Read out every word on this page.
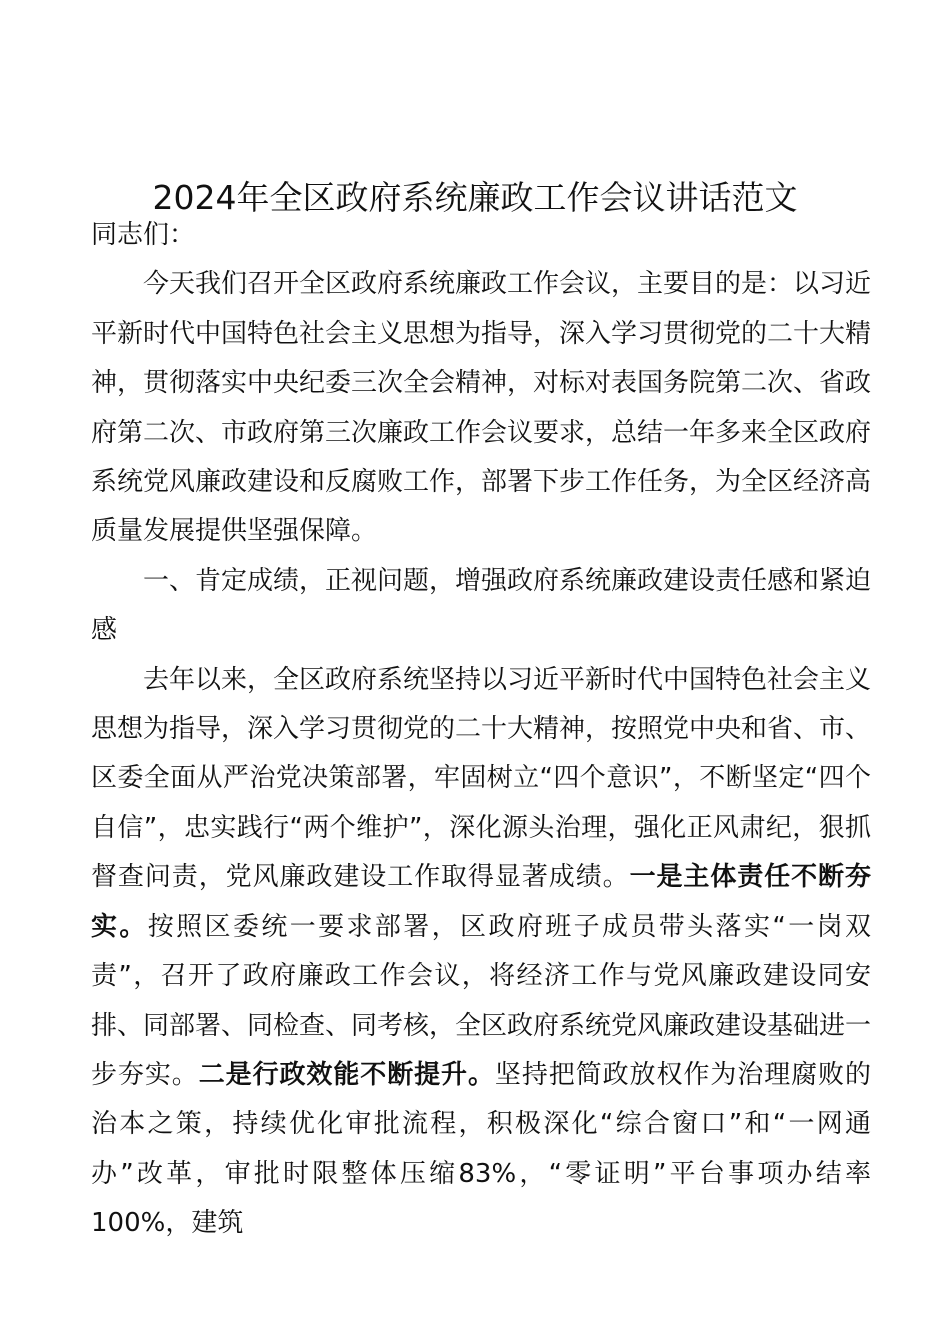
2024年全区政府系统廉政工作会议讲话范文

同志们：

今天我们召开全区政府系统廉政工作会议，主要目的是：以习近平新时代中国特色社会主义思想为指导，深入学习贯彻党的二十大精神，贯彻落实中央纪委三次全会精神，对标对表国务院第二次、省政府第二次、市政府第三次廉政工作会议要求，总结一年多来全区政府系统党风廉政建设和反腐败工作，部署下步工作任务，为全区经济高质量发展提供坚强保障。

一、肯定成绩，正视问题，增强政府系统廉政建设责任感和紧迫感

去年以来，全区政府系统坚持以习近平新时代中国特色社会主义思想为指导，深入学习贯彻党的二十大精神，按照党中央和省、市、区委全面从严治党决策部署，牢固树立“四个意识”，不断坚定“四个自信”，忠实践行“两个维护”，深化源头治理，强化正风肃纪，狠抓督查问责，党风廉政建设工作取得显著成绩。一是主体责任不断夯实。按照区委统一要求部署，区政府班子成员带头落实“一岗双责”，召开了政府廉政工作会议，将经济工作与党风廉政建设同安排、同部署、同检查、同考核，全区政府系统党风廉政建设基础进一步夯实。二是行政效能不断提升。坚持把简政放权作为治理腐败的治本之策，持续优化审批流程，积极深化“综合窗口”和“一网通办”改革，审批时限整体压缩83%，“零证明”平台事项办结率100%，建筑
